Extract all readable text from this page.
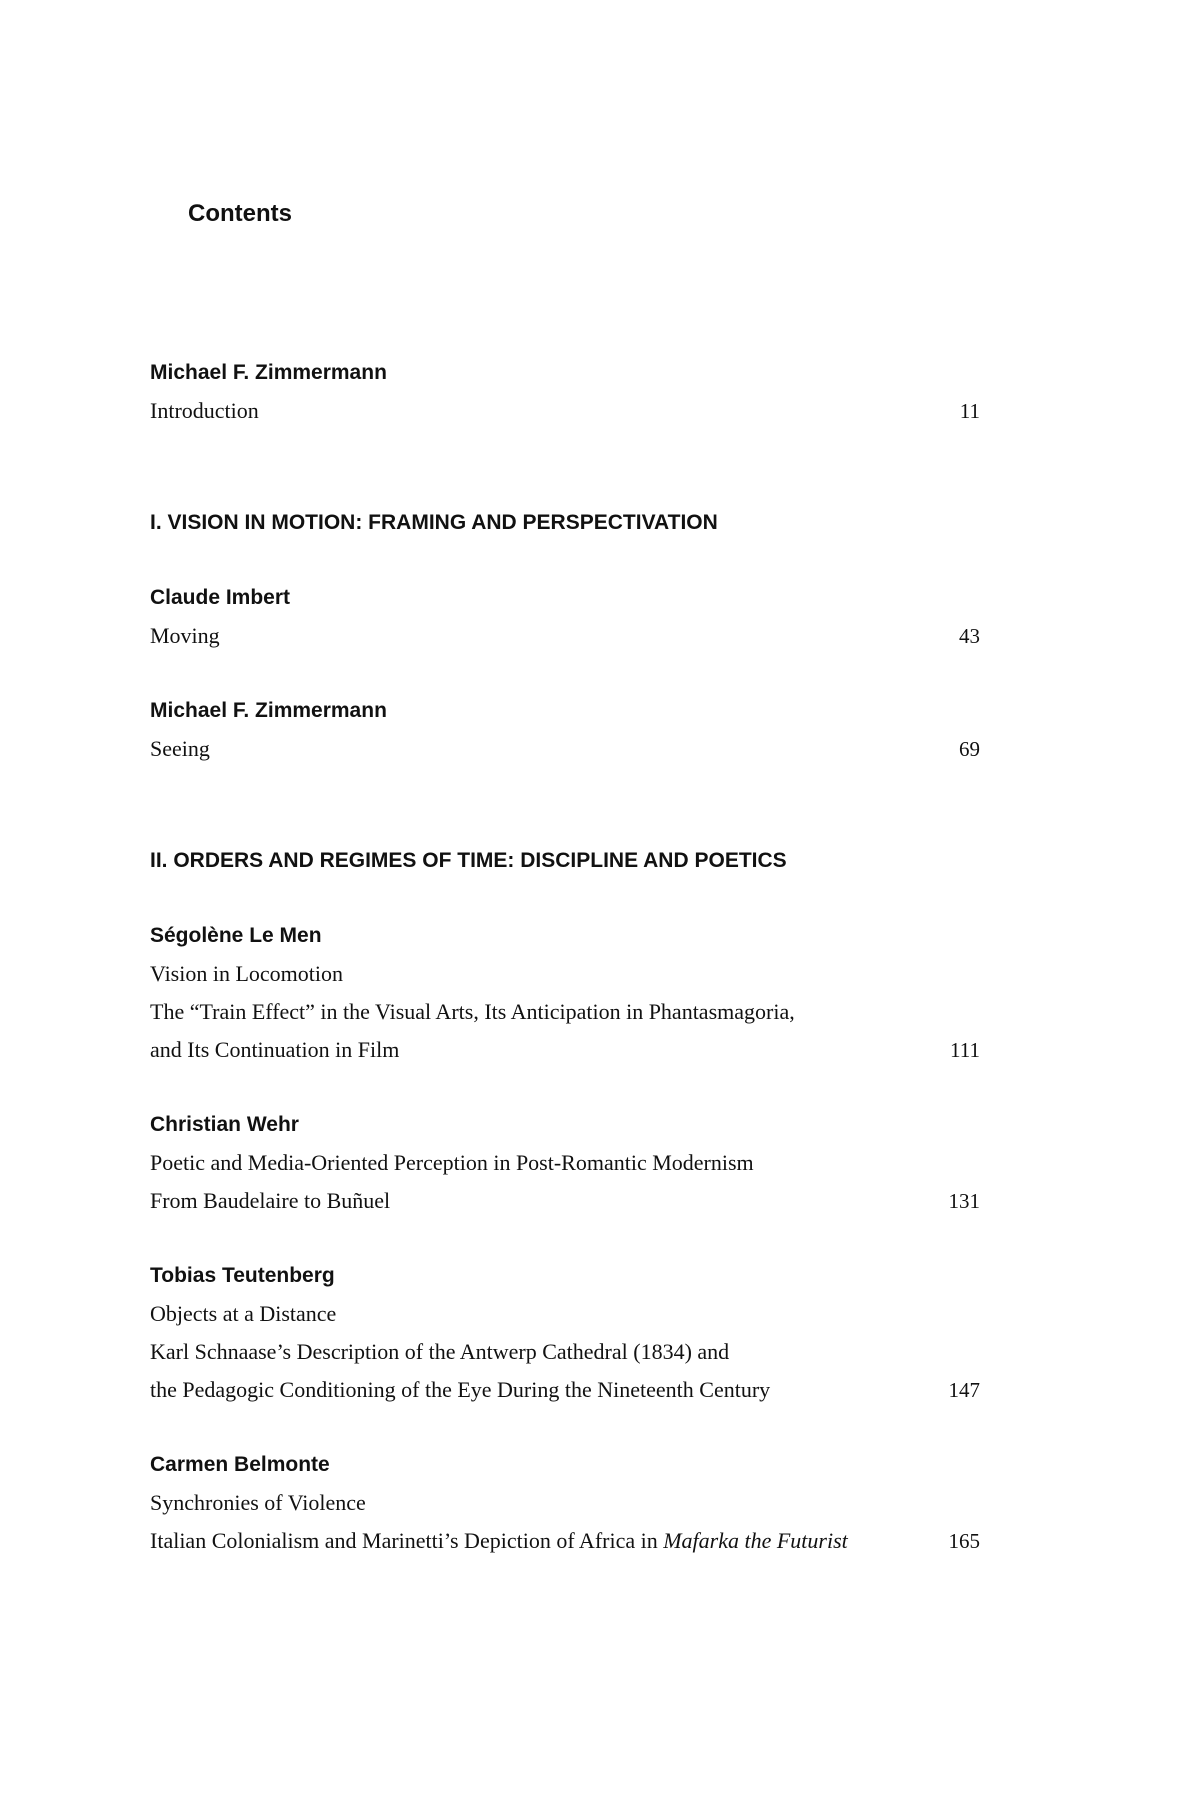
Contents
Michael F. Zimmermann
Introduction	11
I. VISION IN MOTION: FRAMING AND PERSPECTIVATION
Claude Imbert
Moving	43
Michael F. Zimmermann
Seeing	69
II. ORDERS AND REGIMES OF TIME: DISCIPLINE AND POETICS
Ségolène Le Men
Vision in Locomotion
The “Train Effect” in the Visual Arts, Its Anticipation in Phantasmagoria,
and Its Continuation in Film	111
Christian Wehr
Poetic and Media-Oriented Perception in Post-Romantic Modernism
From Baudelaire to Buñuel	131
Tobias Teutenberg
Objects at a Distance
Karl Schnaase’s Description of the Antwerp Cathedral (1834) and
the Pedagogic Conditioning of the Eye During the Nineteenth Century	147
Carmen Belmonte
Synchronies of Violence
Italian Colonialism and Marinetti’s Depiction of Africa in Mafarka the Futurist	165
